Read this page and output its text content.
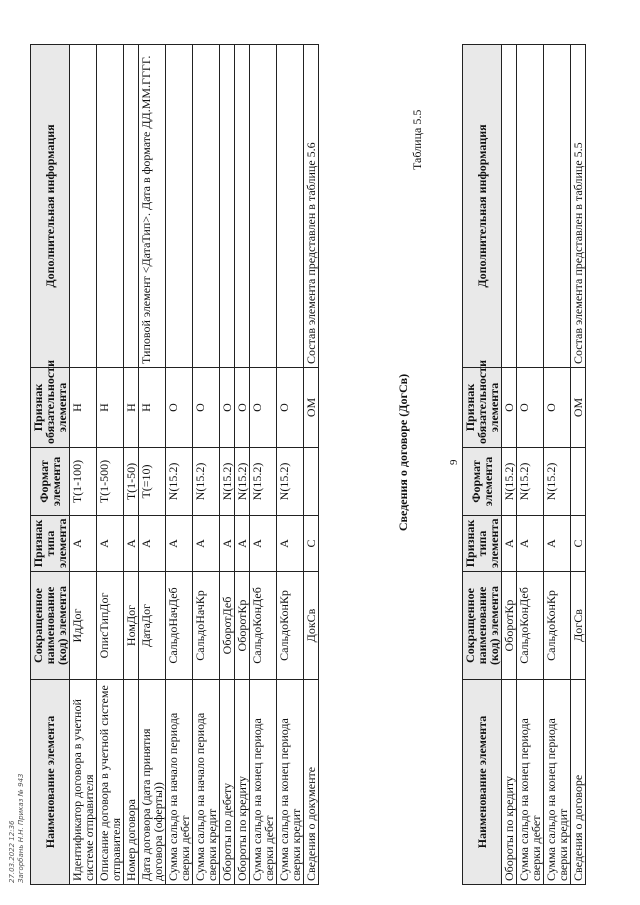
27.03.2022 12:36 Загорбань Н.Н. Приказ № 943
9
Наименование элемента	Сокращенное наименование (код) элемента	Признак типа элемента	Формат элемента	Признак обязательности элемента	Дополнительная информация
Обороты по кредиту	ОборотКр	А	N(15.2)	О	
Сумма сальдо на конец периода сверки дебет	СальдоКонДеб	А	N(15.2)	О	
Сумма сальдо на конец периода сверки кредит	СальдоКонКр	А	N(15.2)	О	
Сведения о договоре	ДогСв	С		ОМ	Состав элемента представлен в таблице 5.5
Таблица 5.5
Сведения о договоре (ДогСв)
Наименование элемента	Сокращенное наименование (код) элемента	Признак типа элемента	Формат элемента	Признак обязательности элемента	Дополнительная информация
Идентификатор договора в учетной системе отправителя	ИдДог	А	T(1-100)	Н	
Описание договора в учетной системе отправителя	ОписТипДог	А	T(1-500)	Н	
Номер договора	НомДог	А	T(1-50)	Н	
Дата договора (дата принятия договора (оферты))	ДатаДог	А	T(=10)	Н	Типовой элемент <ДатаТип>. Дата в формате ДД.ММ.ГГГГ.
Сумма сальдо на начало периода сверки дебет	СальдоНачДеб	А	N(15.2)	О	
Сумма сальдо на начало периода сверки кредит	СальдоНачКр	А	N(15.2)	О	
Обороты по дебету	ОборотДеб	А	N(15.2)	О	
Обороты по кредиту	ОборотКр	А	N(15.2)	О	
Сумма сальдо на конец периода сверки дебет	СальдоКонДеб	А	N(15.2)	О	
Сумма сальдо на конец периода сверки кредит	СальдоКонКр	А	N(15.2)	О	
Сведения о документе	ДокСв	С		ОМ	Состав элемента представлен в таблице 5.6
